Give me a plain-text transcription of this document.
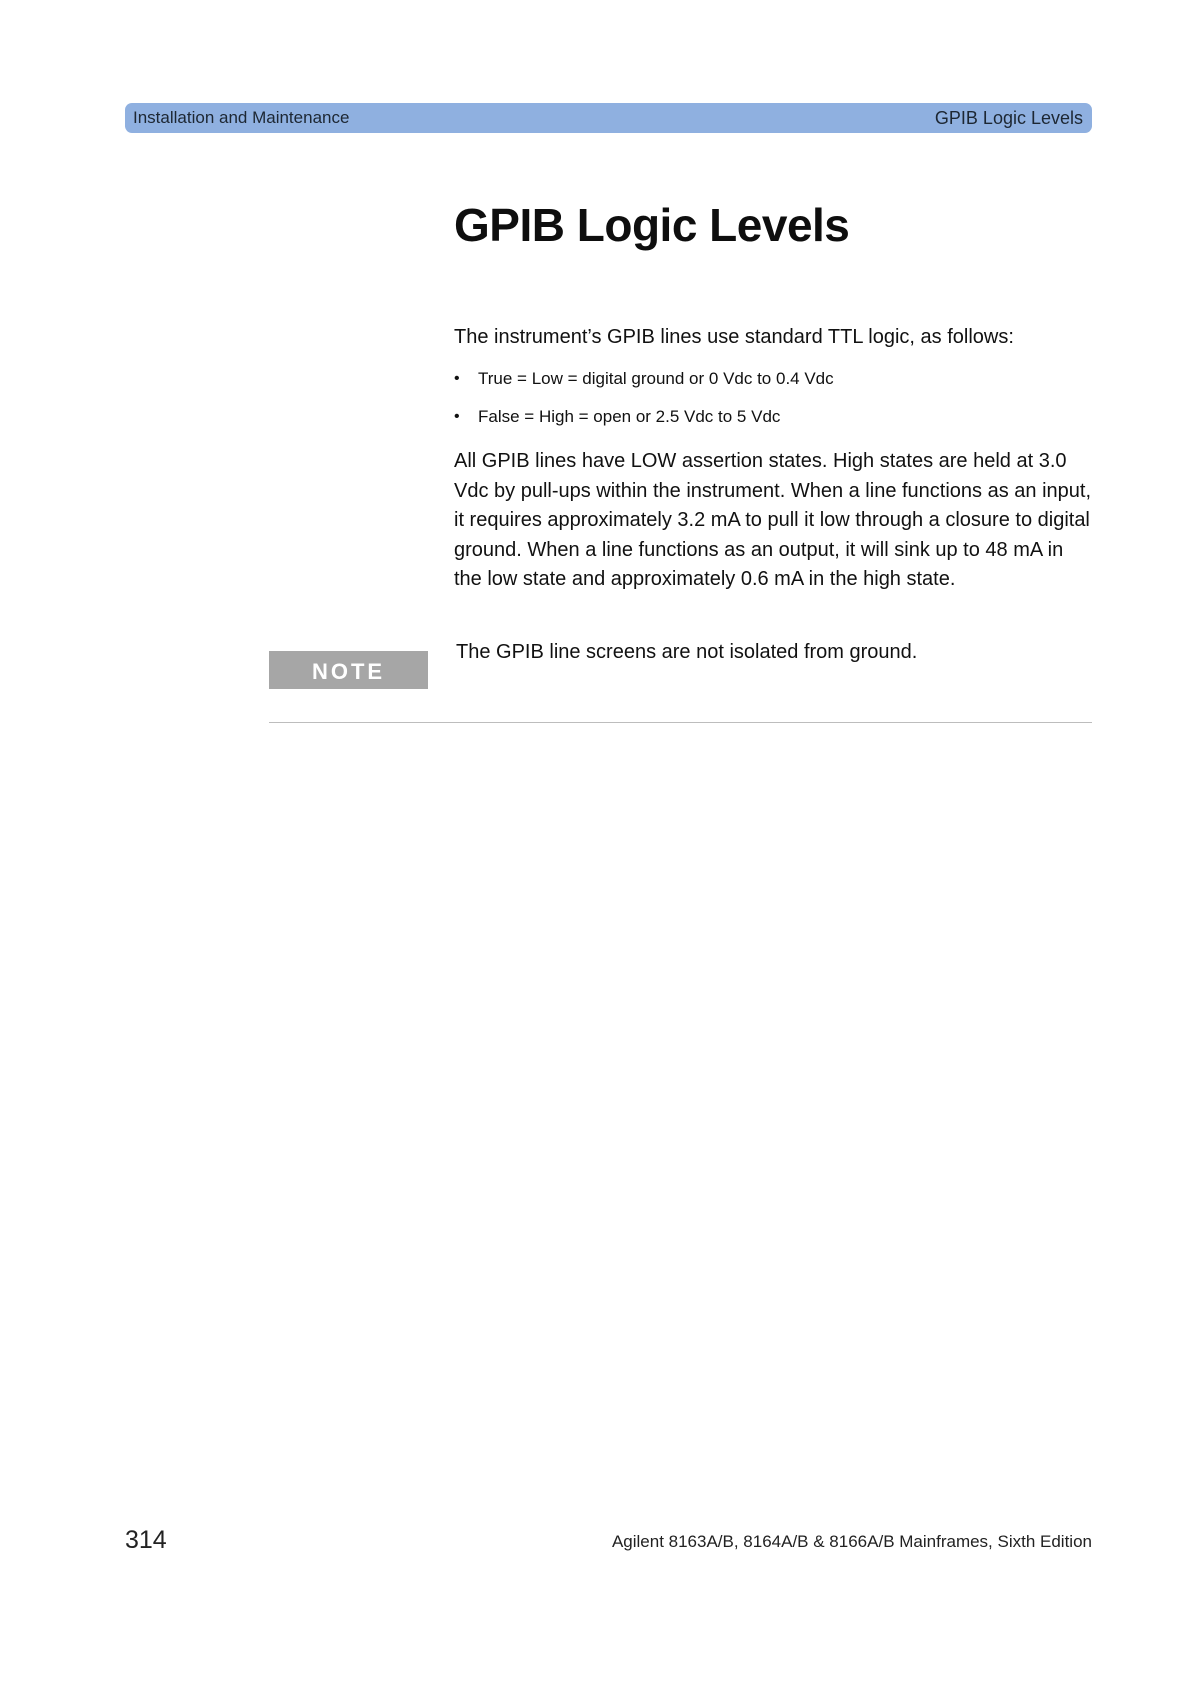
Installation and Maintenance	GPIB Logic Levels
GPIB Logic Levels

The instrument’s GPIB lines use standard TTL logic, as follows:

• True = Low = digital ground or 0 Vdc to 0.4 Vdc
• False = High = open or 2.5 Vdc to 5 Vdc

All GPIB lines have LOW assertion states. High states are held at 3.0 Vdc by pull-ups within the instrument. When a line functions as an input, it requires approximately 3.2 mA to pull it low through a closure to digital ground. When a line functions as an output, it will sink up to 48 mA in the low state and approximately 0.6 mA in the high state.

NOTE

The GPIB line screens are not isolated from ground.

314	Agilent 8163A/B, 8164A/B & 8166A/B Mainframes, Sixth Edition
